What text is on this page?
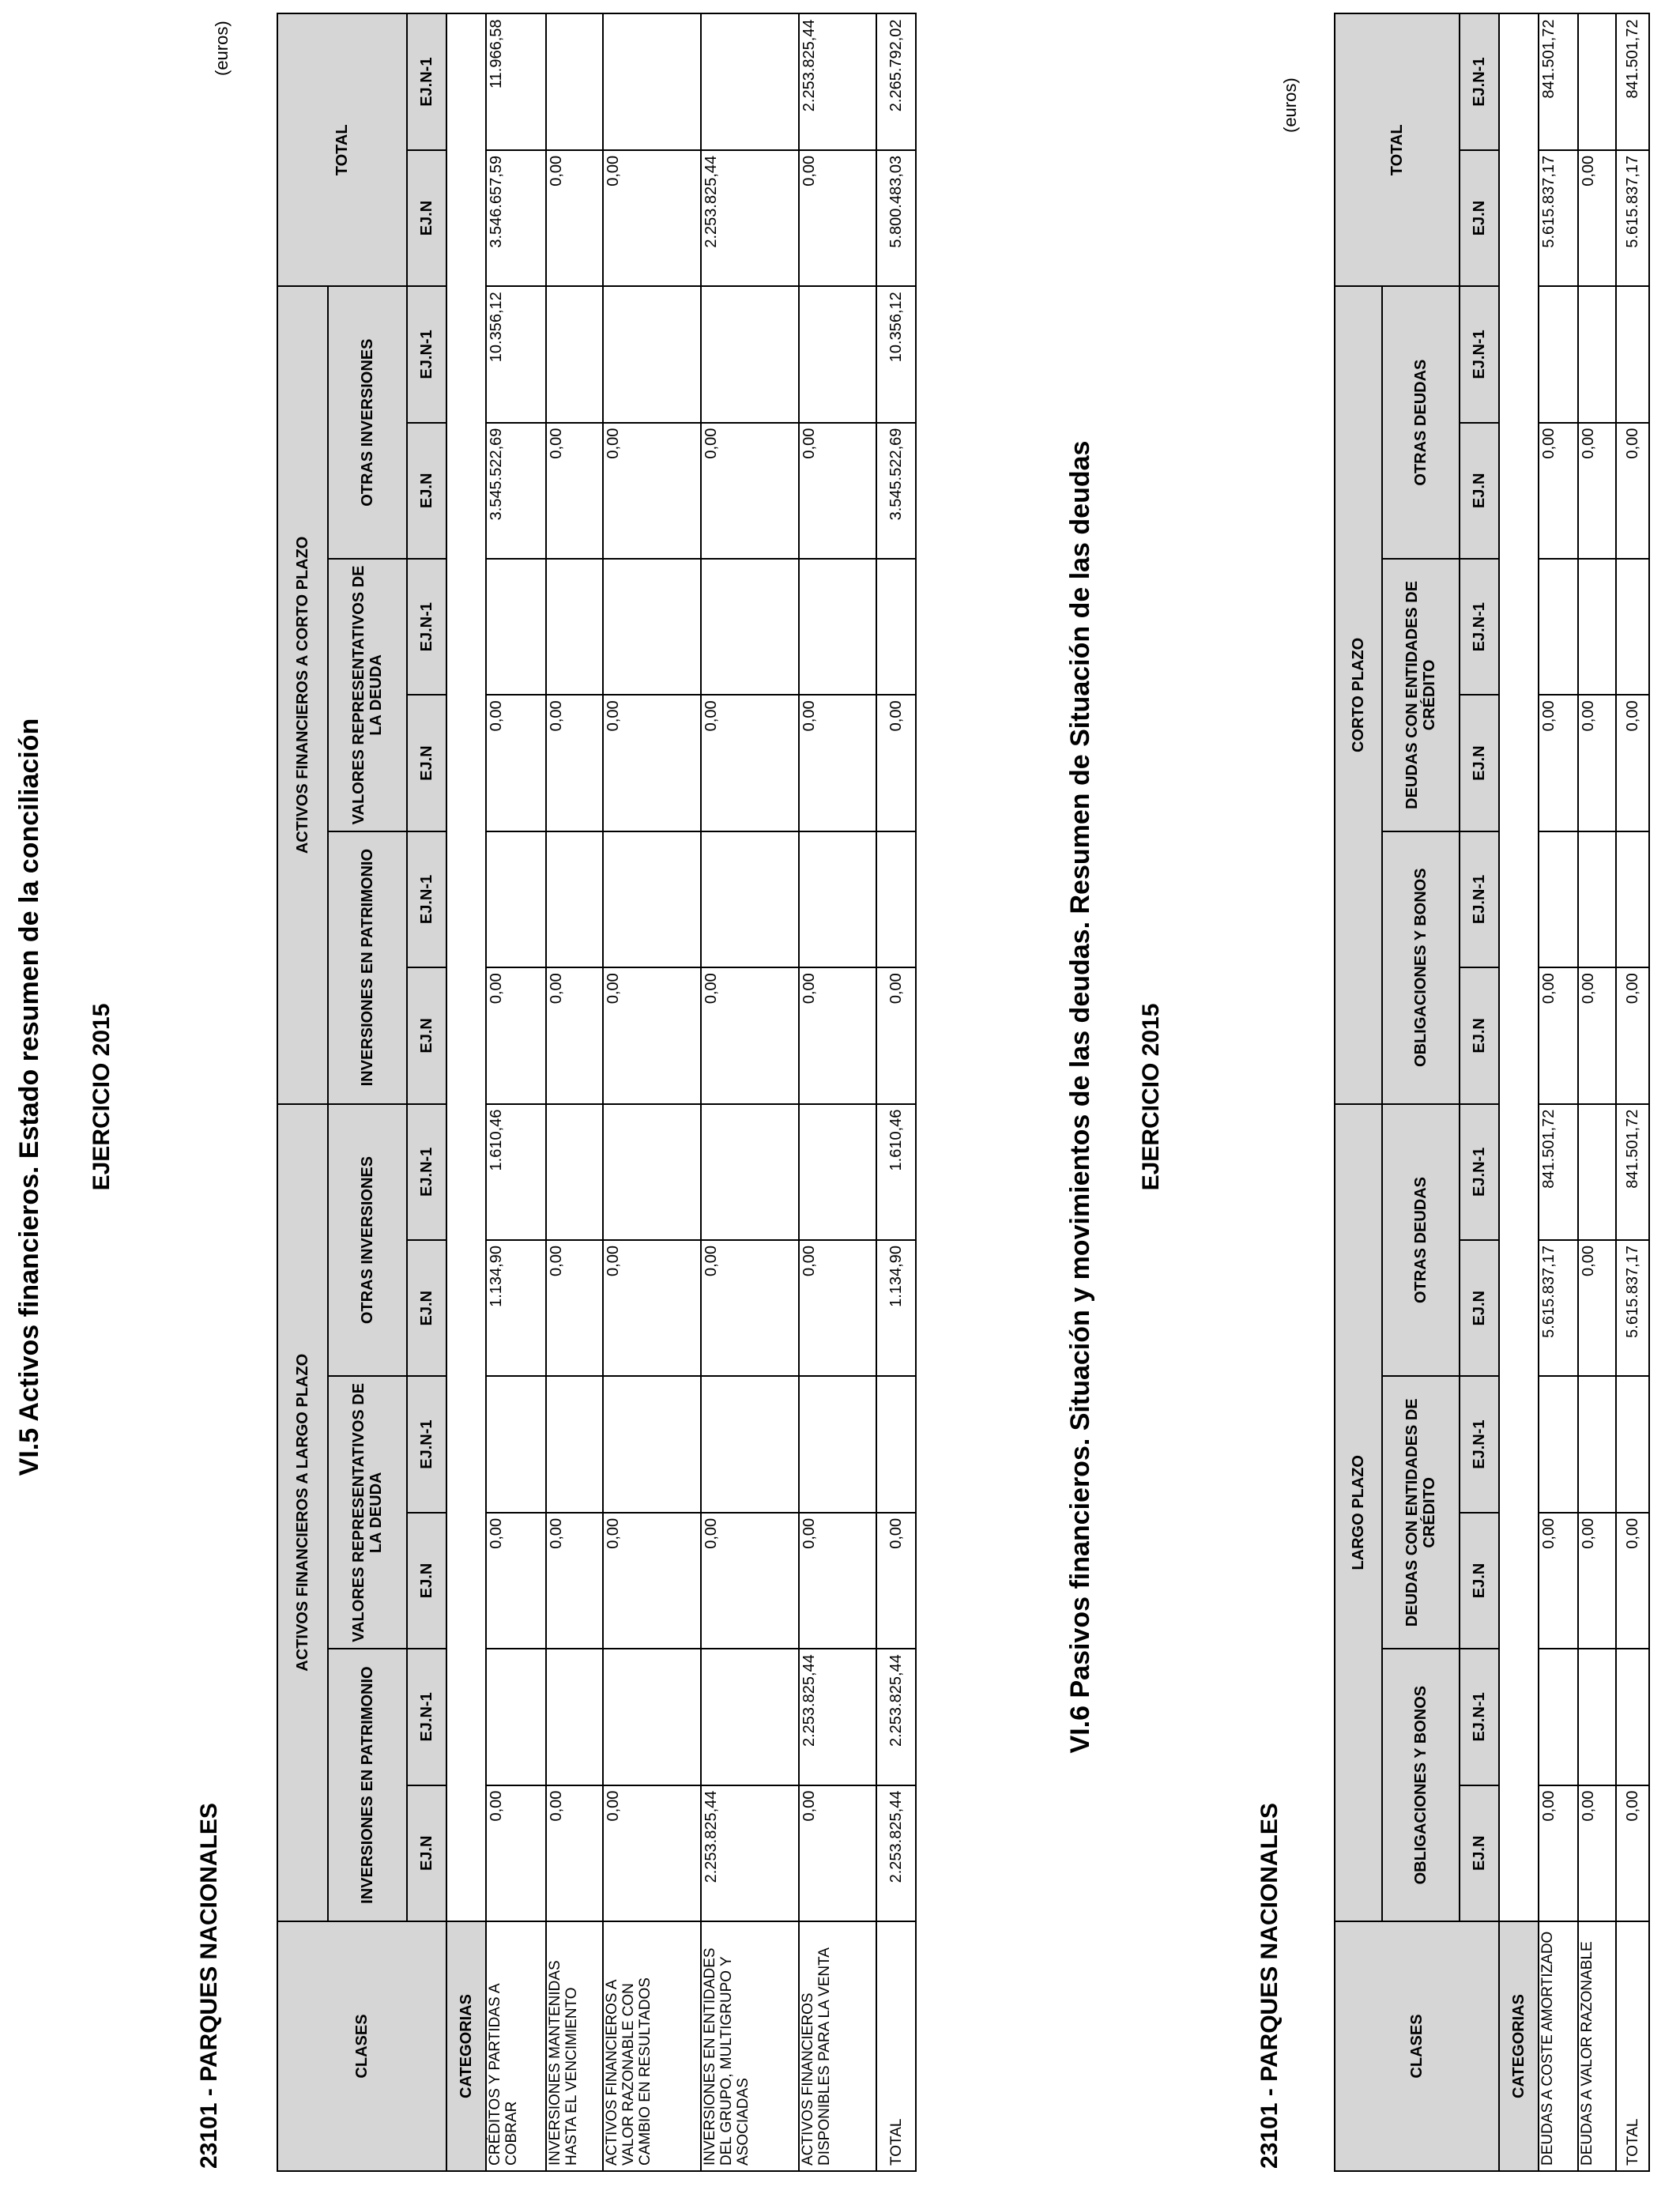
VI.5 Activos financieros. Estado resumen de la conciliación EJERCICIO 2015
23101 - PARQUES NACIONALES
(euros)
CLASES	ACTIVOS FINANCIEROS A LARGO PLAZO						ACTIVOS FINANCIEROS A CORTO PLAZO						TOTAL	
	INVERSIONES EN PATRIMONIO		VALORES REPRESENTATIVOS DE LA DEUDA		OTRAS INVERSIONES		INVERSIONES EN PATRIMONIO		VALORES REPRESENTATIVOS DE LA DEUDA		OTRAS INVERSIONES			
	EJ.N	EJ.N-1	EJ.N	EJ.N-1	EJ.N	EJ.N-1	EJ.N	EJ.N-1	EJ.N	EJ.N-1	EJ.N	EJ.N-1	EJ.N	EJ.N-1
CATEGORIAS														
CRÉDITOS Y PARTIDAS A COBRAR	0,00		0,00		1.134,90	1.610,46	0,00		0,00		3.545.522,69	10.356,12	3.546.657,59	11.966,58
INVERSIONES MANTENIDAS HASTA EL VENCIMIENTO	0,00		0,00		0,00		0,00		0,00		0,00		0,00	
ACTIVOS FINANCIEROS A VALOR RAZONABLE CON CAMBIO EN RESULTADOS	0,00		0,00		0,00		0,00		0,00		0,00		0,00	
INVERSIONES EN ENTIDADES DEL GRUPO, MULTIGRUPO Y ASOCIADAS	2.253.825,44		0,00		0,00		0,00		0,00		0,00		2.253.825,44	
ACTIVOS FINANCIEROS DISPONIBLES PARA LA VENTA	0,00	2.253.825,44	0,00		0,00		0,00		0,00		0,00		0,00	2.253.825,44
TOTAL	2.253.825,44	2.253.825,44	0,00		1.134,90	1.610,46	0,00		0,00		3.545.522,69	10.356,12	5.800.483,03	2.265.792,02
VI.6 Pasivos financieros. Situación y movimientos de las deudas. Resumen de Situación de las deudas EJERCICIO 2015
23101 - PARQUES NACIONALES
(euros)
CLASES	LARGO PLAZO						CORTO PLAZO						TOTAL	
	OBLIGACIONES Y BONOS		DEUDAS CON ENTIDADES DE CRÉDITO		OTRAS DEUDAS		OBLIGACIONES Y BONOS		DEUDAS CON ENTIDADES DE CRÉDITO		OTRAS DEUDAS			
	EJ.N	EJ.N-1	EJ.N	EJ.N-1	EJ.N	EJ.N-1	EJ.N	EJ.N-1	EJ.N	EJ.N-1	EJ.N	EJ.N-1	EJ.N	EJ.N-1
CATEGORIAS														
DEUDAS A COSTE AMORTIZADO	0,00		0,00		5.615.837,17	841.501,72	0,00		0,00		0,00		5.615.837,17	841.501,72
DEUDAS A VALOR RAZONABLE	0,00		0,00		0,00		0,00		0,00		0,00		0,00	
TOTAL	0,00		0,00		5.615.837,17	841.501,72	0,00		0,00		0,00		5.615.837,17	841.501,72
